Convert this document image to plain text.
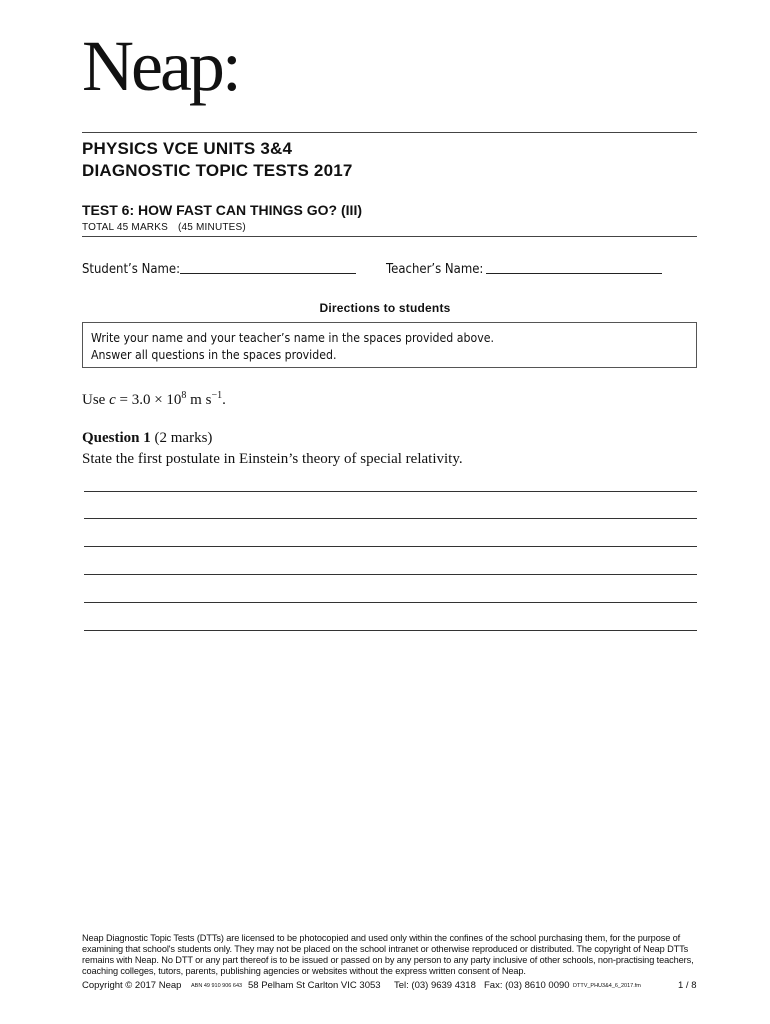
Neap:
PHYSICS VCE UNITS 3&4
DIAGNOSTIC TOPIC TESTS 2017
TEST 6: HOW FAST CAN THINGS GO? (III)
TOTAL 45 MARKS (45 MINUTES)
Student’s Name:	Teacher’s Name:
Directions to students
Write your name and your teacher’s name in the spaces provided above.
Answer all questions in the spaces provided.
Use $c = 3.0 \times 10^8$ m $s^{-1}$.
Question 1 (2 marks)
State the first postulate in Einstein’s theory of special relativity.
Neap Diagnostic Topic Tests (DTTs) are licensed to be photocopied and used only within the confines of the school purchasing them, for the purpose of examining that school's students only. They may not be placed on the school intranet or otherwise reproduced or distributed. The copyright of Neap DTTs remains with Neap. No DTT or any part thereof is to be issued or passed on by any person to any party inclusive of other schools, non-practising teachers, coaching colleges, tutors, parents, publishing agencies or websites without the express written consent of Neap.
Copyright © 2017 Neap ABN 49 910 906 643 58 Pelham St Carlton VIC 3053 Tel: (03) 9639 4318 Fax: (03) 8610 0090 DTTV_PHU3&4_6_2017.fm	1 / 8
